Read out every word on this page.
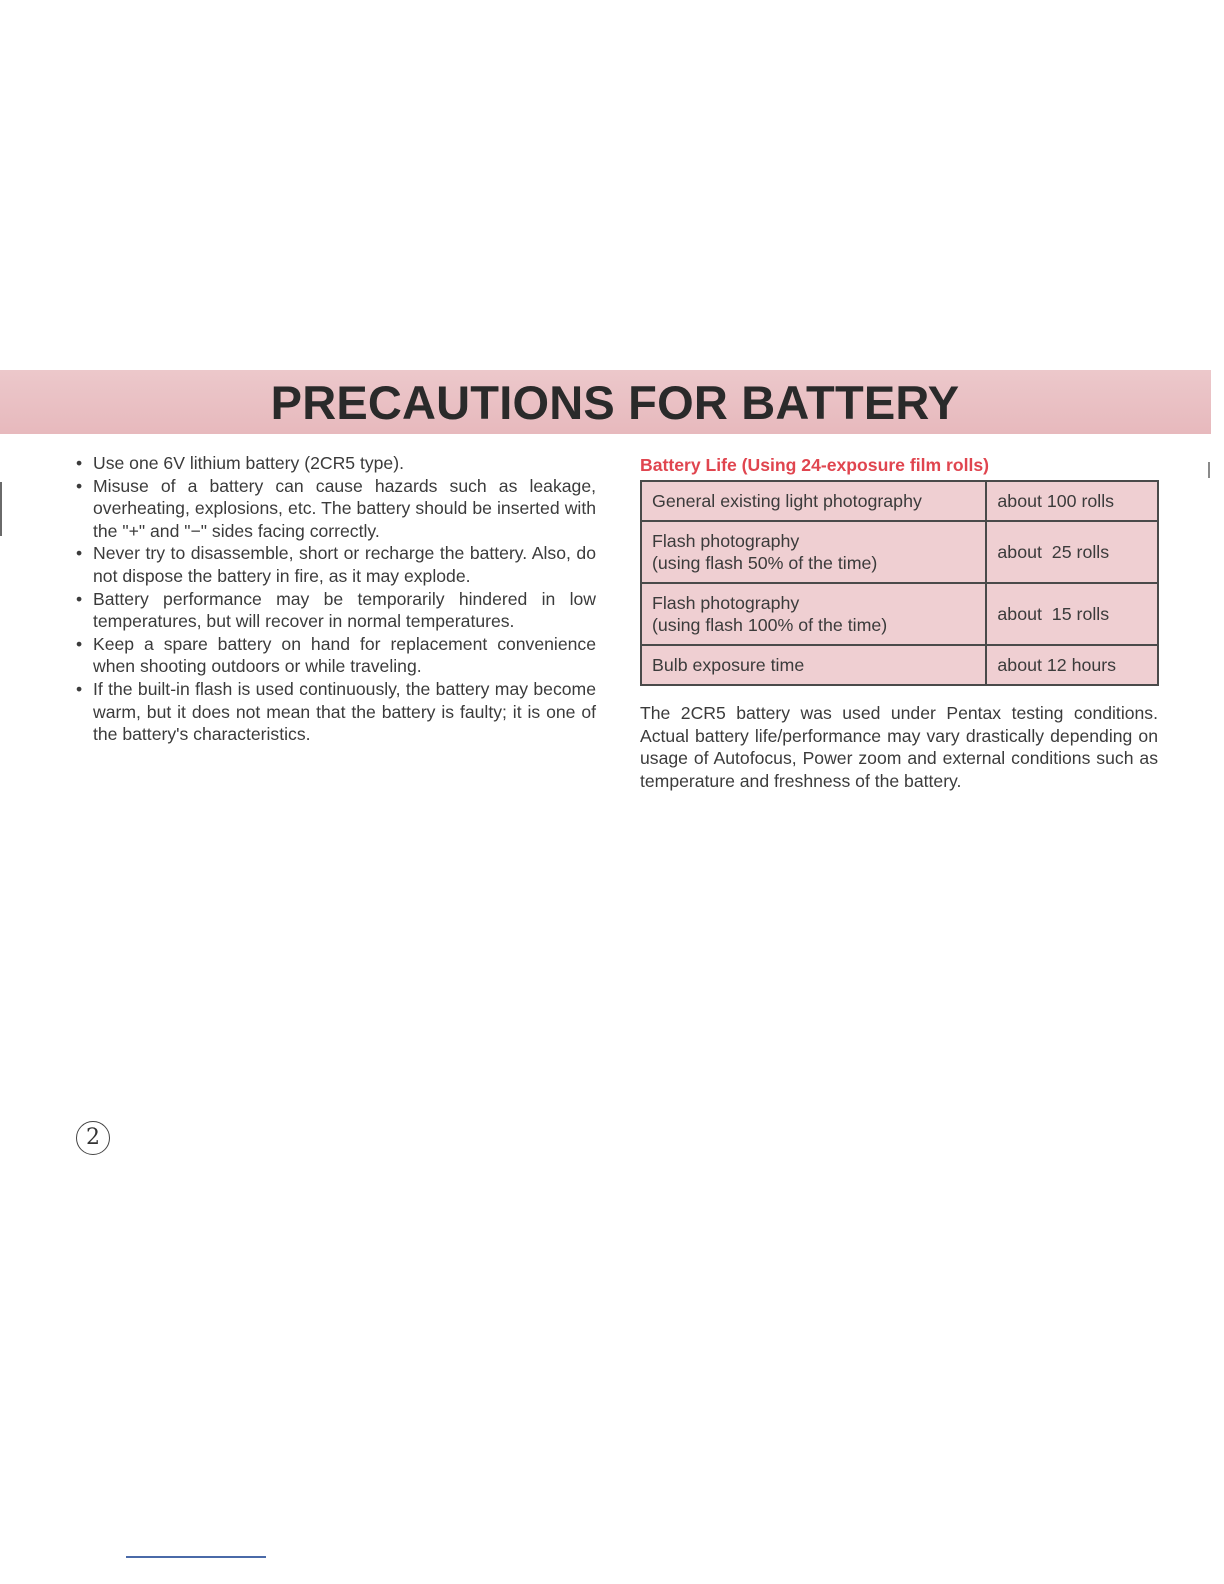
PRECAUTIONS FOR BATTERY
• Use one 6V lithium battery (2CR5 type).
• Misuse of a battery can cause hazards such as leakage, overheating, explosions, etc. The battery should be inserted with the "+" and "−" sides facing correctly.
• Never try to disassemble, short or recharge the battery. Also, do not dispose the battery in fire, as it may explode.
• Battery performance may be temporarily hindered in low temperatures, but will recover in normal temperatures.
• Keep a spare battery on hand for replacement convenience when shooting outdoors or while traveling.
• If the built-in flash is used continuously, the battery may become warm, but it does not mean that the battery is faulty; it is one of the battery's characteristics.
Battery Life (Using 24-exposure film rolls)
General existing light photography	about 100 rolls

Flash photography
(using flash 50% of the time)	about  25 rolls

Flash photography
(using flash 100% of the time)	about  15 rolls

Bulb exposure time	about 12 hours
The 2CR5 battery was used under Pentax testing conditions. Actual battery life/performance may vary drastically depending on usage of Autofocus, Power zoom and external conditions such as temperature and freshness of the battery.
2
